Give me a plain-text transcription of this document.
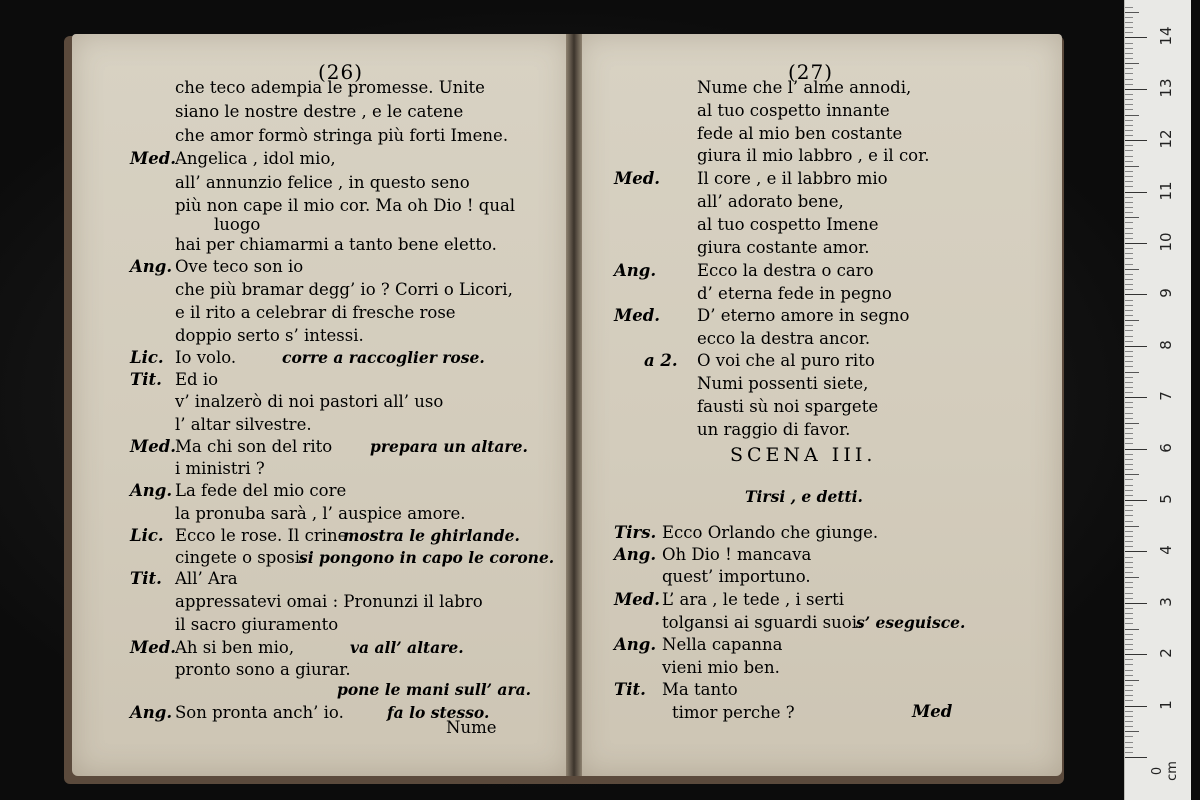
(26)	(27)
che teco adempia le promesse. Unite
siano le nostre destre , e le catene
che amor formò stringa più forti Imene.
Angelica , idol mio,
all’ annunzio felice , in questo seno
più non cape il mio cor. Ma oh Dio ! qual
luogo
hai per chiamarmi a tanto bene eletto.
Ove teco son io
che più bramar degg’ io ? Corri o Licori,
e il rito a celebrar di fresche rose
doppio serto s’ intessi.
Io volo.
Ed io
v’ inalzerò di noi pastori all’ uso
l’ altar silvestre.
Ma chi son del rito
i ministri ?
La fede del mio core
la pronuba sarà , l’ auspice amore.
Ecco le rose. Il crine
cingete o sposi.
All’ Ara
appressatevi omai : Pronunzi il labro
il sacro giuramento
Ah si ben mio,
pronto sono a giurar.
Son pronta anch’ io.
Med.
Ang.
Lic.
Tit.
Med.
Ang.
Lic.
Tit.
Med.
Ang.
corre a raccoglier rose.
prepara un altare.
mostra le ghirlande.
si pongono in capo le corone.
va all’ altare.
pone le mani sull’ ara.
fa lo stesso.
Nume
Nume che l’ alme annodi,
al tuo cospetto innante
fede al mio ben costante
giura il mio labbro , e il cor.
Il core , e il labbro mio
all’ adorato bene,
al tuo cospetto Imene
giura costante amor.
Ecco la destra o caro
d’ eterna fede in pegno
D’ eterno amore in segno
ecco la destra ancor.
O voi che al puro rito
Numi possenti siete,
fausti sù noi spargete
un raggio di favor.
Ecco Orlando che giunge.
Oh Dio ! mancava
quest’ importuno.
L’ ara , le tede , i serti
tolgansi ai sguardi suoi.
Nella capanna
vieni mio ben.
Ma tanto
timor perche ?
Med.
Ang.
Med.
a 2.
Tirs.
Ang.
Med.
Ang.
Tit.
s’ eseguisce.
SCENA III.
Tirsi , e detti.
Med	1
2
3
4
5
6
7
8
9
10
11
12
13
14
0 cm
